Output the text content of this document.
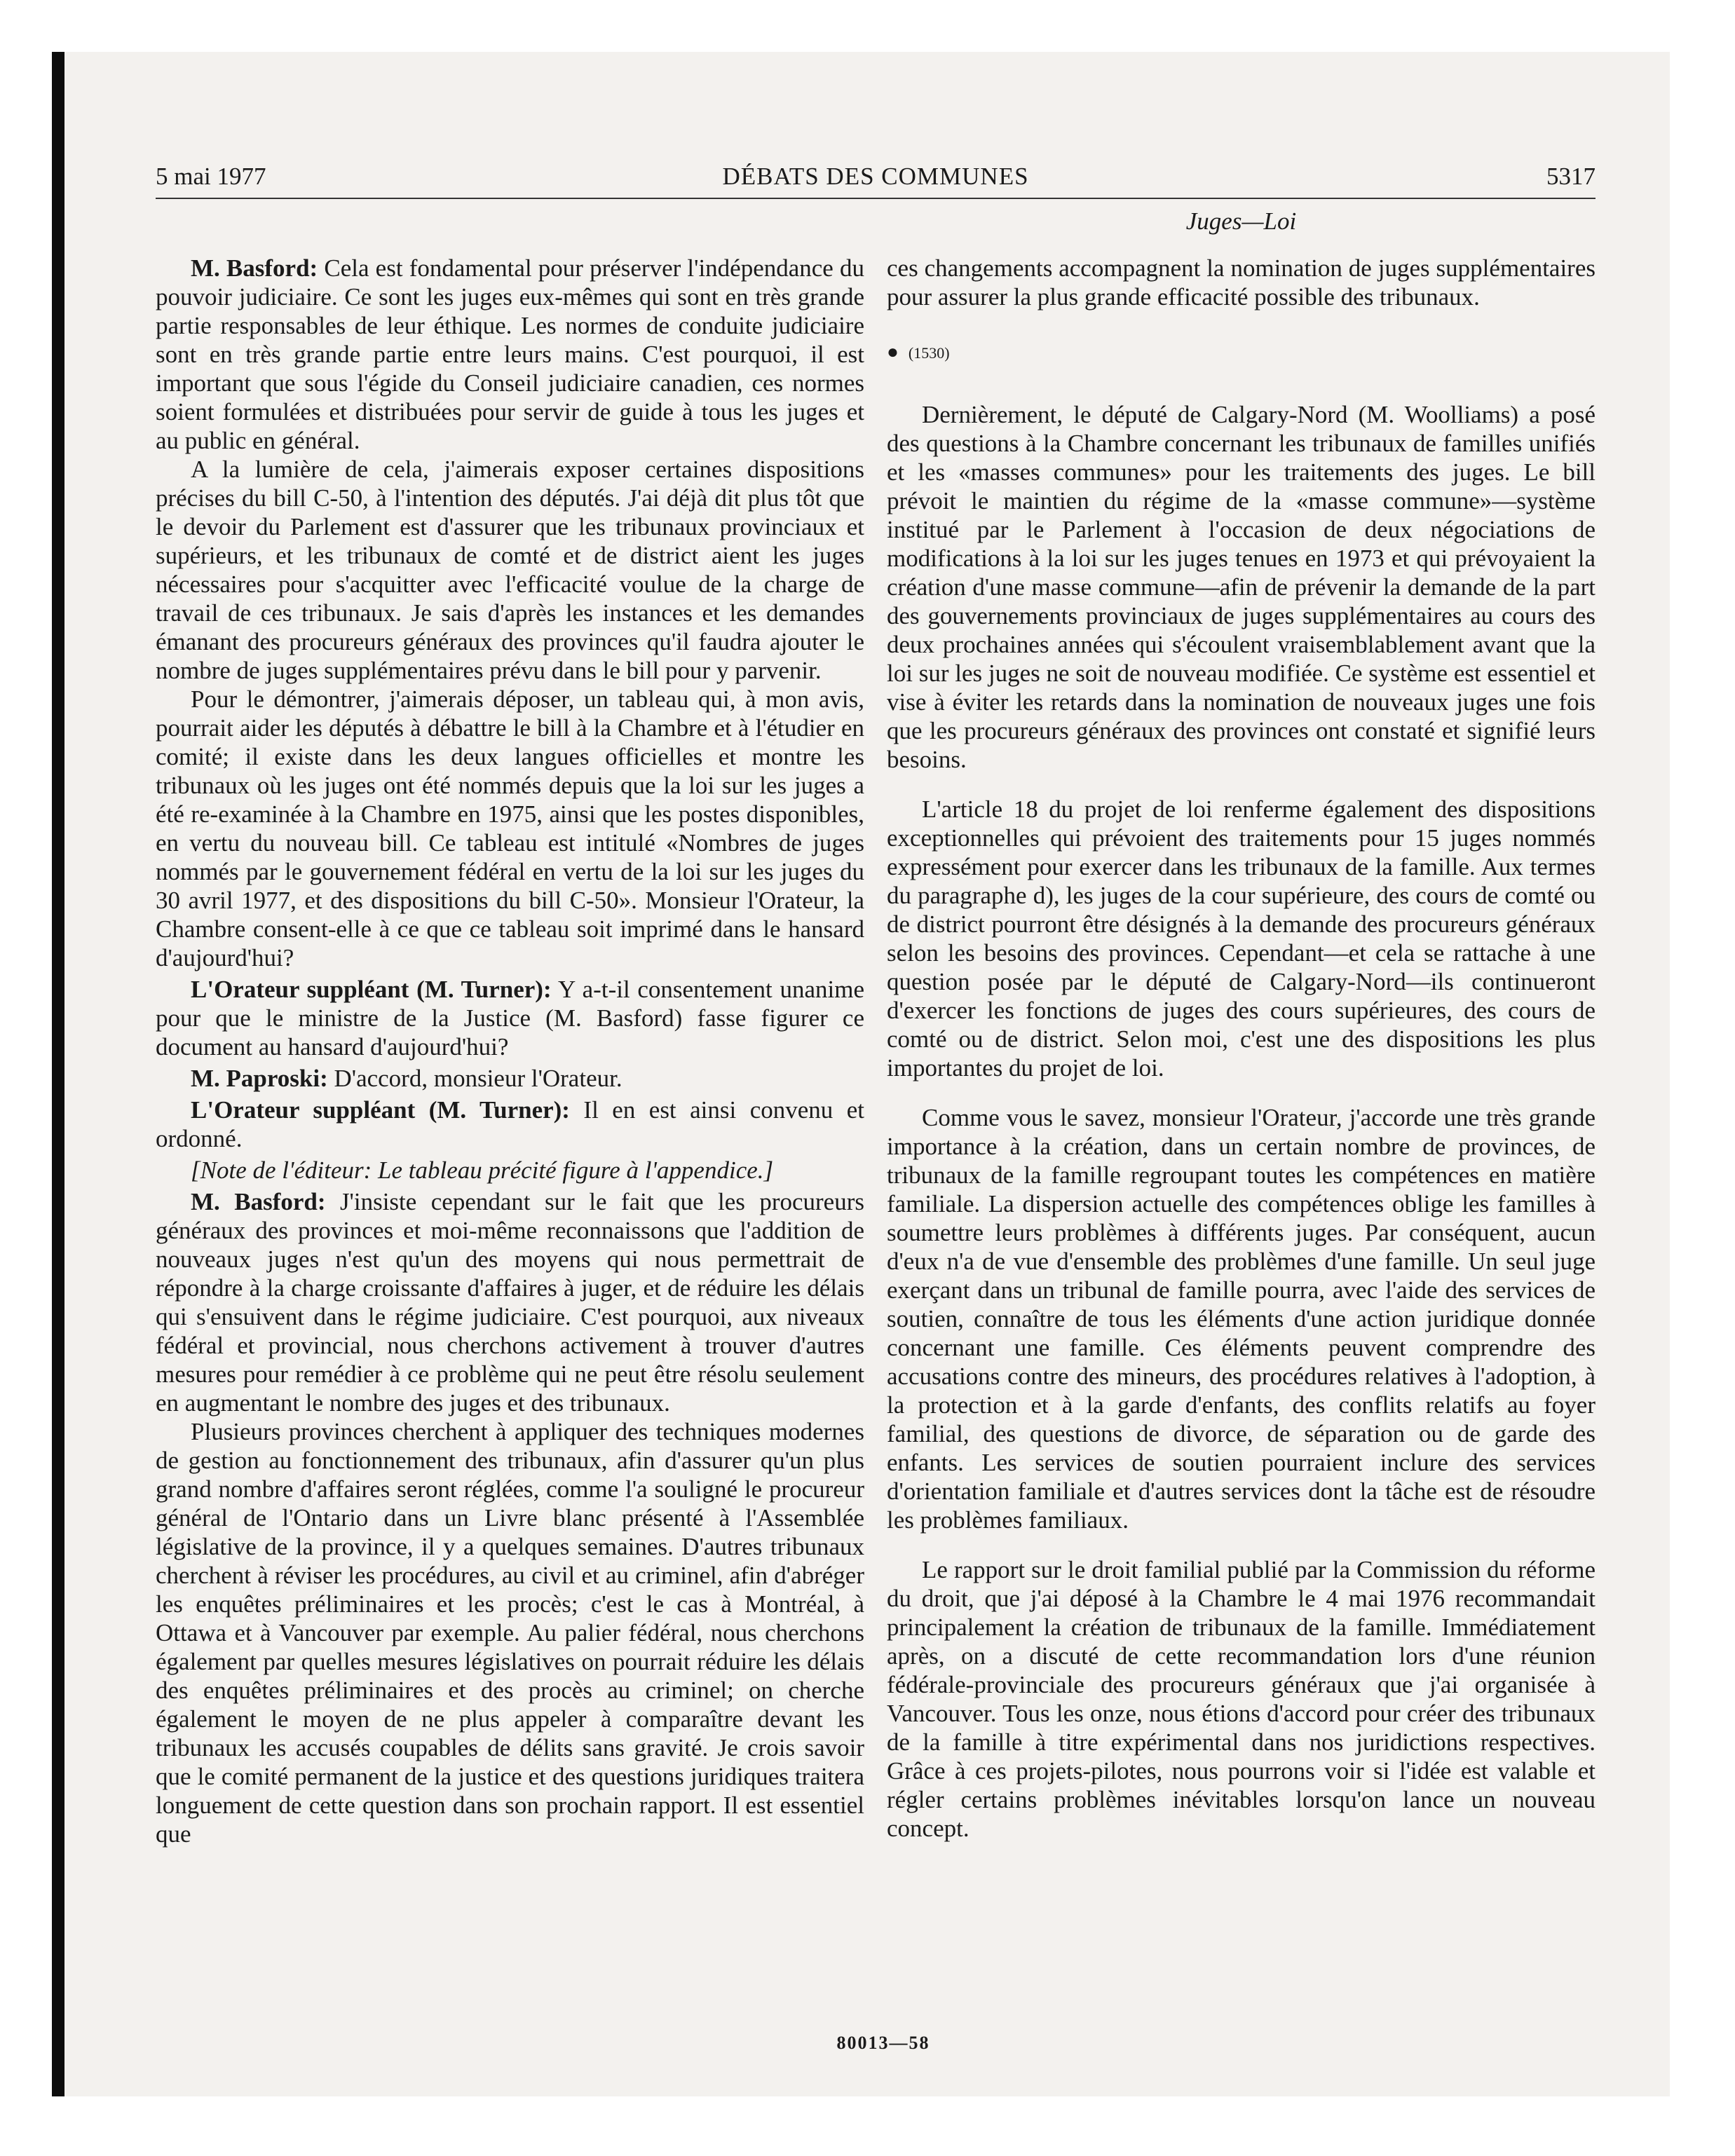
5 mai 1977	DÉBATS DES COMMUNES	5317
Juges—Loi

M. Basford: Cela est fondamental pour préserver l'indépendance du pouvoir judiciaire. Ce sont les juges eux-mêmes qui sont en très grande partie responsables de leur éthique. Les normes de conduite judiciaire sont en très grande partie entre leurs mains. C'est pourquoi, il est important que sous l'égide du Conseil judiciaire canadien, ces normes soient formulées et distribuées pour servir de guide à tous les juges et au public en général.

A la lumière de cela, j'aimerais exposer certaines dispositions précises du bill C-50, à l'intention des députés. J'ai déjà dit plus tôt que le devoir du Parlement est d'assurer que les tribunaux provinciaux et supérieurs, et les tribunaux de comté et de district aient les juges nécessaires pour s'acquitter avec l'efficacité voulue de la charge de travail de ces tribunaux. Je sais d'après les instances et les demandes émanant des procureurs généraux des provinces qu'il faudra ajouter le nombre de juges supplémentaires prévu dans le bill pour y parvenir.

Pour le démontrer, j'aimerais déposer, un tableau qui, à mon avis, pourrait aider les députés à débattre le bill à la Chambre et à l'étudier en comité; il existe dans les deux langues officielles et montre les tribunaux où les juges ont été nommés depuis que la loi sur les juges a été re-examinée à la Chambre en 1975, ainsi que les postes disponibles, en vertu du nouveau bill. Ce tableau est intitulé «Nombres de juges nommés par le gouvernement fédéral en vertu de la loi sur les juges du 30 avril 1977, et des dispositions du bill C-50». Monsieur l'Orateur, la Chambre consent-elle à ce que ce tableau soit imprimé dans le hansard d'aujourd'hui?

L'Orateur suppléant (M. Turner): Y a-t-il consentement unanime pour que le ministre de la Justice (M. Basford) fasse figurer ce document au hansard d'aujourd'hui?

M. Paproski: D'accord, monsieur l'Orateur.

L'Orateur suppléant (M. Turner): Il en est ainsi convenu et ordonné.

[Note de l'éditeur: Le tableau précité figure à l'appendice.]

M. Basford: J'insiste cependant sur le fait que les procureurs généraux des provinces et moi-même reconnaissons que l'addition de nouveaux juges n'est qu'un des moyens qui nous permettrait de répondre à la charge croissante d'affaires à juger, et de réduire les délais qui s'ensuivent dans le régime judiciaire. C'est pourquoi, aux niveaux fédéral et provincial, nous cherchons activement à trouver d'autres mesures pour remédier à ce problème qui ne peut être résolu seulement en augmentant le nombre des juges et des tribunaux.

Plusieurs provinces cherchent à appliquer des techniques modernes de gestion au fonctionnement des tribunaux, afin d'assurer qu'un plus grand nombre d'affaires seront réglées, comme l'a souligné le procureur général de l'Ontario dans un Livre blanc présenté à l'Assemblée législative de la province, il y a quelques semaines. D'autres tribunaux cherchent à réviser les procédures, au civil et au criminel, afin d'abréger les enquêtes préliminaires et les procès; c'est le cas à Montréal, à Ottawa et à Vancouver par exemple. Au palier fédéral, nous cherchons également par quelles mesures législatives on pourrait réduire les délais des enquêtes préliminaires et des procès au criminel; on cherche également le moyen de ne plus appeler à comparaître devant les tribunaux les accusés coupables de délits sans gravité. Je crois savoir que le comité permanent de la justice et des questions juridiques traitera longuement de cette question dans son prochain rapport. Il est essentiel que

ces changements accompagnent la nomination de juges supplémentaires pour assurer la plus grande efficacité possible des tribunaux.

● (1530)

Dernièrement, le député de Calgary-Nord (M. Woolliams) a posé des questions à la Chambre concernant les tribunaux de familles unifiés et les «masses communes» pour les traitements des juges. Le bill prévoit le maintien du régime de la «masse commune»—système institué par le Parlement à l'occasion de deux négociations de modifications à la loi sur les juges tenues en 1973 et qui prévoyaient la création d'une masse commune—afin de prévenir la demande de la part des gouvernements provinciaux de juges supplémentaires au cours des deux prochaines années qui s'écoulent vraisemblablement avant que la loi sur les juges ne soit de nouveau modifiée. Ce système est essentiel et vise à éviter les retards dans la nomination de nouveaux juges une fois que les procureurs généraux des provinces ont constaté et signifié leurs besoins.

L'article 18 du projet de loi renferme également des dispositions exceptionnelles qui prévoient des traitements pour 15 juges nommés expressément pour exercer dans les tribunaux de la famille. Aux termes du paragraphe d), les juges de la cour supérieure, des cours de comté ou de district pourront être désignés à la demande des procureurs généraux selon les besoins des provinces. Cependant—et cela se rattache à une question posée par le député de Calgary-Nord—ils continueront d'exercer les fonctions de juges des cours supérieures, des cours de comté ou de district. Selon moi, c'est une des dispositions les plus importantes du projet de loi.

Comme vous le savez, monsieur l'Orateur, j'accorde une très grande importance à la création, dans un certain nombre de provinces, de tribunaux de la famille regroupant toutes les compétences en matière familiale. La dispersion actuelle des compétences oblige les familles à soumettre leurs problèmes à différents juges. Par conséquent, aucun d'eux n'a de vue d'ensemble des problèmes d'une famille. Un seul juge exerçant dans un tribunal de famille pourra, avec l'aide des services de soutien, connaître de tous les éléments d'une action juridique donnée concernant une famille. Ces éléments peuvent comprendre des accusations contre des mineurs, des procédures relatives à l'adoption, à la protection et à la garde d'enfants, des conflits relatifs au foyer familial, des questions de divorce, de séparation ou de garde des enfants. Les services de soutien pourraient inclure des services d'orientation familiale et d'autres services dont la tâche est de résoudre les problèmes familiaux.

Le rapport sur le droit familial publié par la Commission du réforme du droit, que j'ai déposé à la Chambre le 4 mai 1976 recommandait principalement la création de tribunaux de la famille. Immédiatement après, on a discuté de cette recommandation lors d'une réunion fédérale-provinciale des procureurs généraux que j'ai organisée à Vancouver. Tous les onze, nous étions d'accord pour créer des tribunaux de la famille à titre expérimental dans nos juridictions respectives. Grâce à ces projets-pilotes, nous pourrons voir si l'idée est valable et régler certains problèmes inévitables lorsqu'on lance un nouveau concept.

80013—58
